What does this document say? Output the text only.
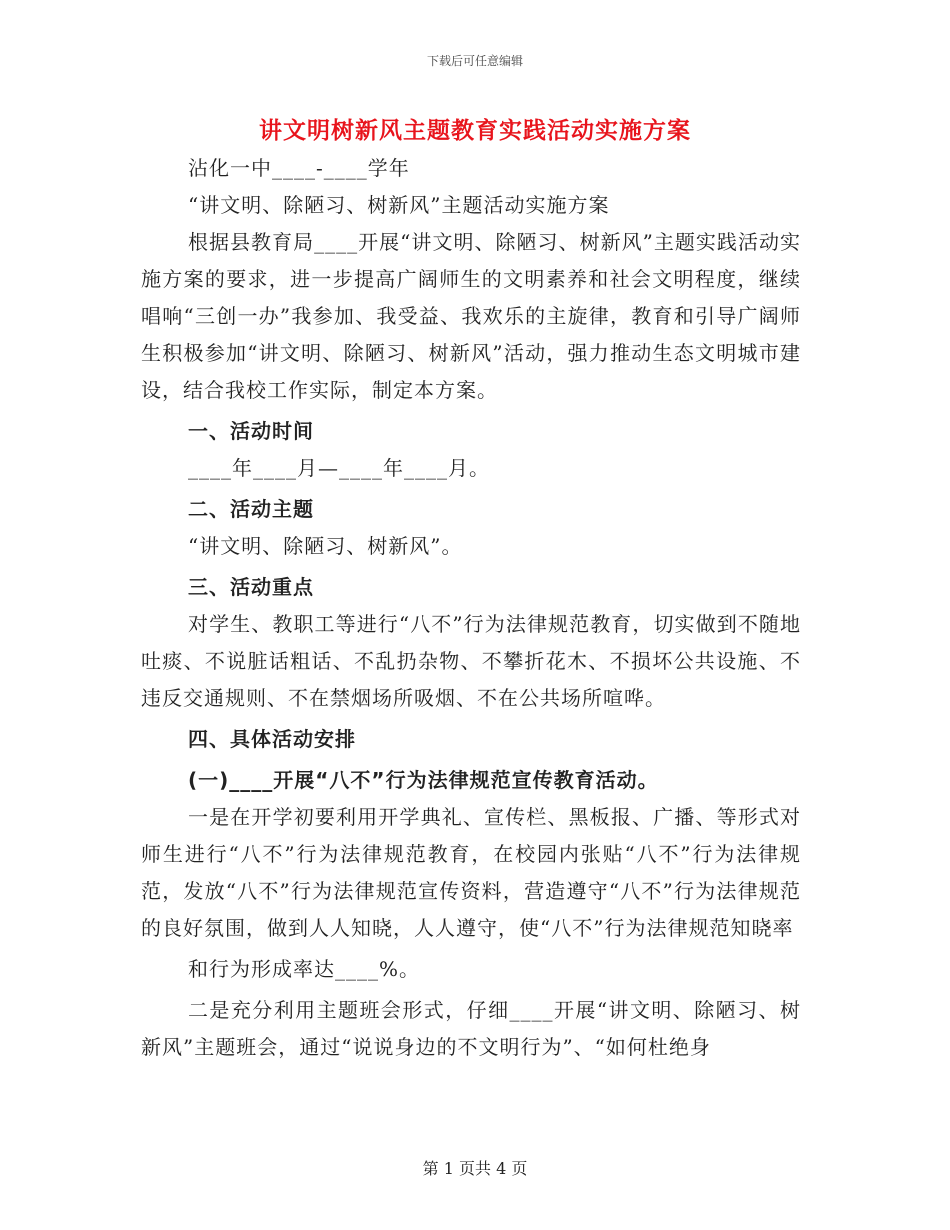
下载后可任意编辑
讲文明树新风主题教育实践活动实施方案

沾化一中____-____学年

“讲文明、除陋习、树新风”主题活动实施方案

根据县教育局____开展“讲文明、除陋习、树新风”主题实践活动实施方案的要求，进一步提高广阔师生的文明素养和社会文明程度，继续唱响“三创一办”我参加、我受益、我欢乐的主旋律，教育和引导广阔师生积极参加“讲文明、除陋习、树新风”活动，强力推动生态文明城市建设，结合我校工作实际，制定本方案。

一、活动时间

____年____月—____年____月。

二、活动主题

“讲文明、除陋习、树新风”。

三、活动重点

对学生、教职工等进行“八不”行为法律规范教育，切实做到不随地吐痰、不说脏话粗话、不乱扔杂物、不攀折花木、不损坏公共设施、不违反交通规则、不在禁烟场所吸烟、不在公共场所喧哗。

四、具体活动安排

(一)____开展“八不”行为法律规范宣传教育活动。

一是在开学初要利用开学典礼、宣传栏、黑板报、广播、等形式对师生进行“八不”行为法律规范教育，在校园内张贴“八不”行为法律规范，发放“八不”行为法律规范宣传资料，营造遵守“八不”行为法律规范的良好氛围，做到人人知晓，人人遵守，使“八不”行为法律规范知晓率

和行为形成率达____%。

二是充分利用主题班会形式，仔细____开展“讲文明、除陋习、树新风”主题班会，通过“说说身边的不文明行为”、“如何杜绝身

第 1 页共 4 页
